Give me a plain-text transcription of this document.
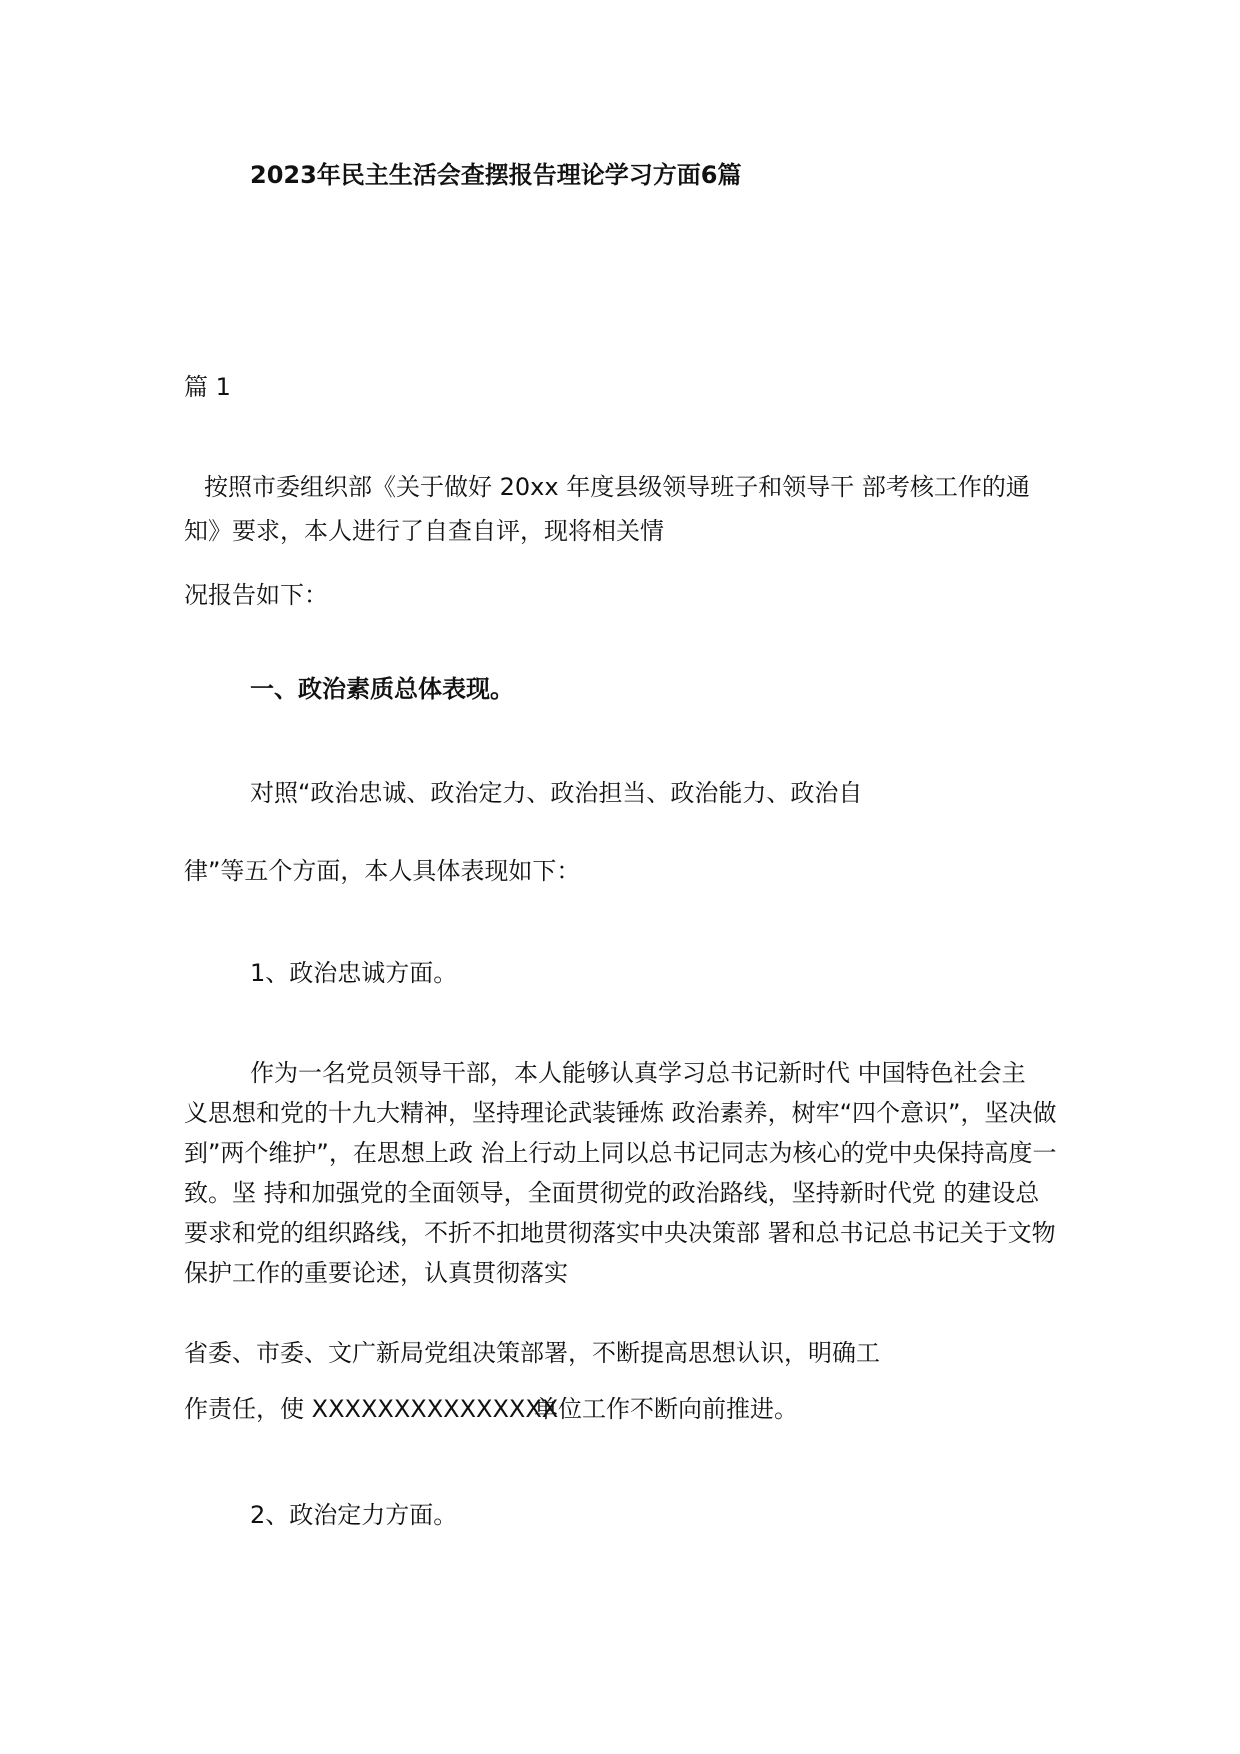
2023年民主生活会查摆报告理论学习方面6篇
篇 1
按照市委组织部《关于做好 20xx 年度县级领导班子和领导干 部考核工作的通
知》要求，本人进行了自查自评，现将相关情
况报告如下：
一、政治素质总体表现。
对照“政治忠诚、政治定力、政治担当、政治能力、政治自
律”等五个方面，本人具体表现如下：
1、政治忠诚方面。
作为一名党员领导干部，本人能够认真学习总书记新时代 中国特色社会主
义思想和党的十九大精神，坚持理论武装锤炼 政治素养，树牢“四个意识”，坚决做
到”两个维护”，在思想上政 治上行动上同以总书记同志为核心的党中央保持高度一
致。坚 持和加强党的全面领导，全面贯彻党的政治路线，坚持新时代党 的建设总
要求和党的组织路线，不折不扣地贯彻落实中央决策部 署和总书记总书记关于文物
保护工作的重要论述，认真贯彻落实
省委、市委、文广新局党组决策部署，不断提高思想认识，明确工
作责任，使 XXXXXXXXXXXXXXX
单位工作不断向前推进。
2、政治定力方面。
